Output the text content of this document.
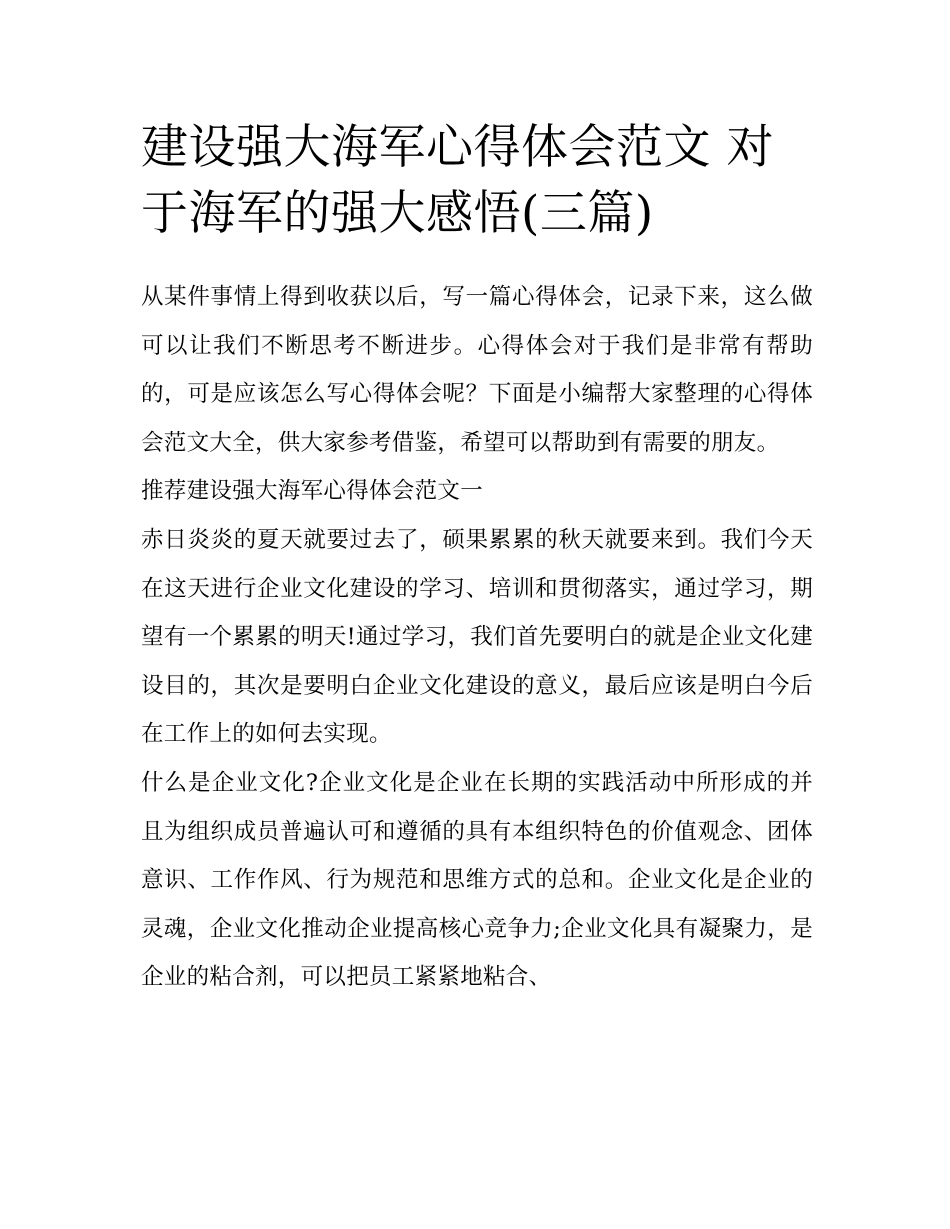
建设强大海军心得体会范文 对于海军的强大感悟(三篇)

从某件事情上得到收获以后，写一篇心得体会，记录下来，这么做可以让我们不断思考不断进步。心得体会对于我们是非常有帮助的，可是应该怎么写心得体会呢？下面是小编帮大家整理的心得体会范文大全，供大家参考借鉴，希望可以帮助到有需要的朋友。

推荐建设强大海军心得体会范文一

赤日炎炎的夏天就要过去了，硕果累累的秋天就要来到。我们今天在这天进行企业文化建设的学习、培训和贯彻落实，通过学习，期望有一个累累的明天!通过学习，我们首先要明白的就是企业文化建设目的，其次是要明白企业文化建设的意义，最后应该是明白今后在工作上的如何去实现。

什么是企业文化?企业文化是企业在长期的实践活动中所形成的并且为组织成员普遍认可和遵循的具有本组织特色的价值观念、团体意识、工作作风、行为规范和思维方式的总和。企业文化是企业的灵魂，企业文化推动企业提高核心竞争力;企业文化具有凝聚力，是企业的粘合剂，可以把员工紧紧地粘合、
